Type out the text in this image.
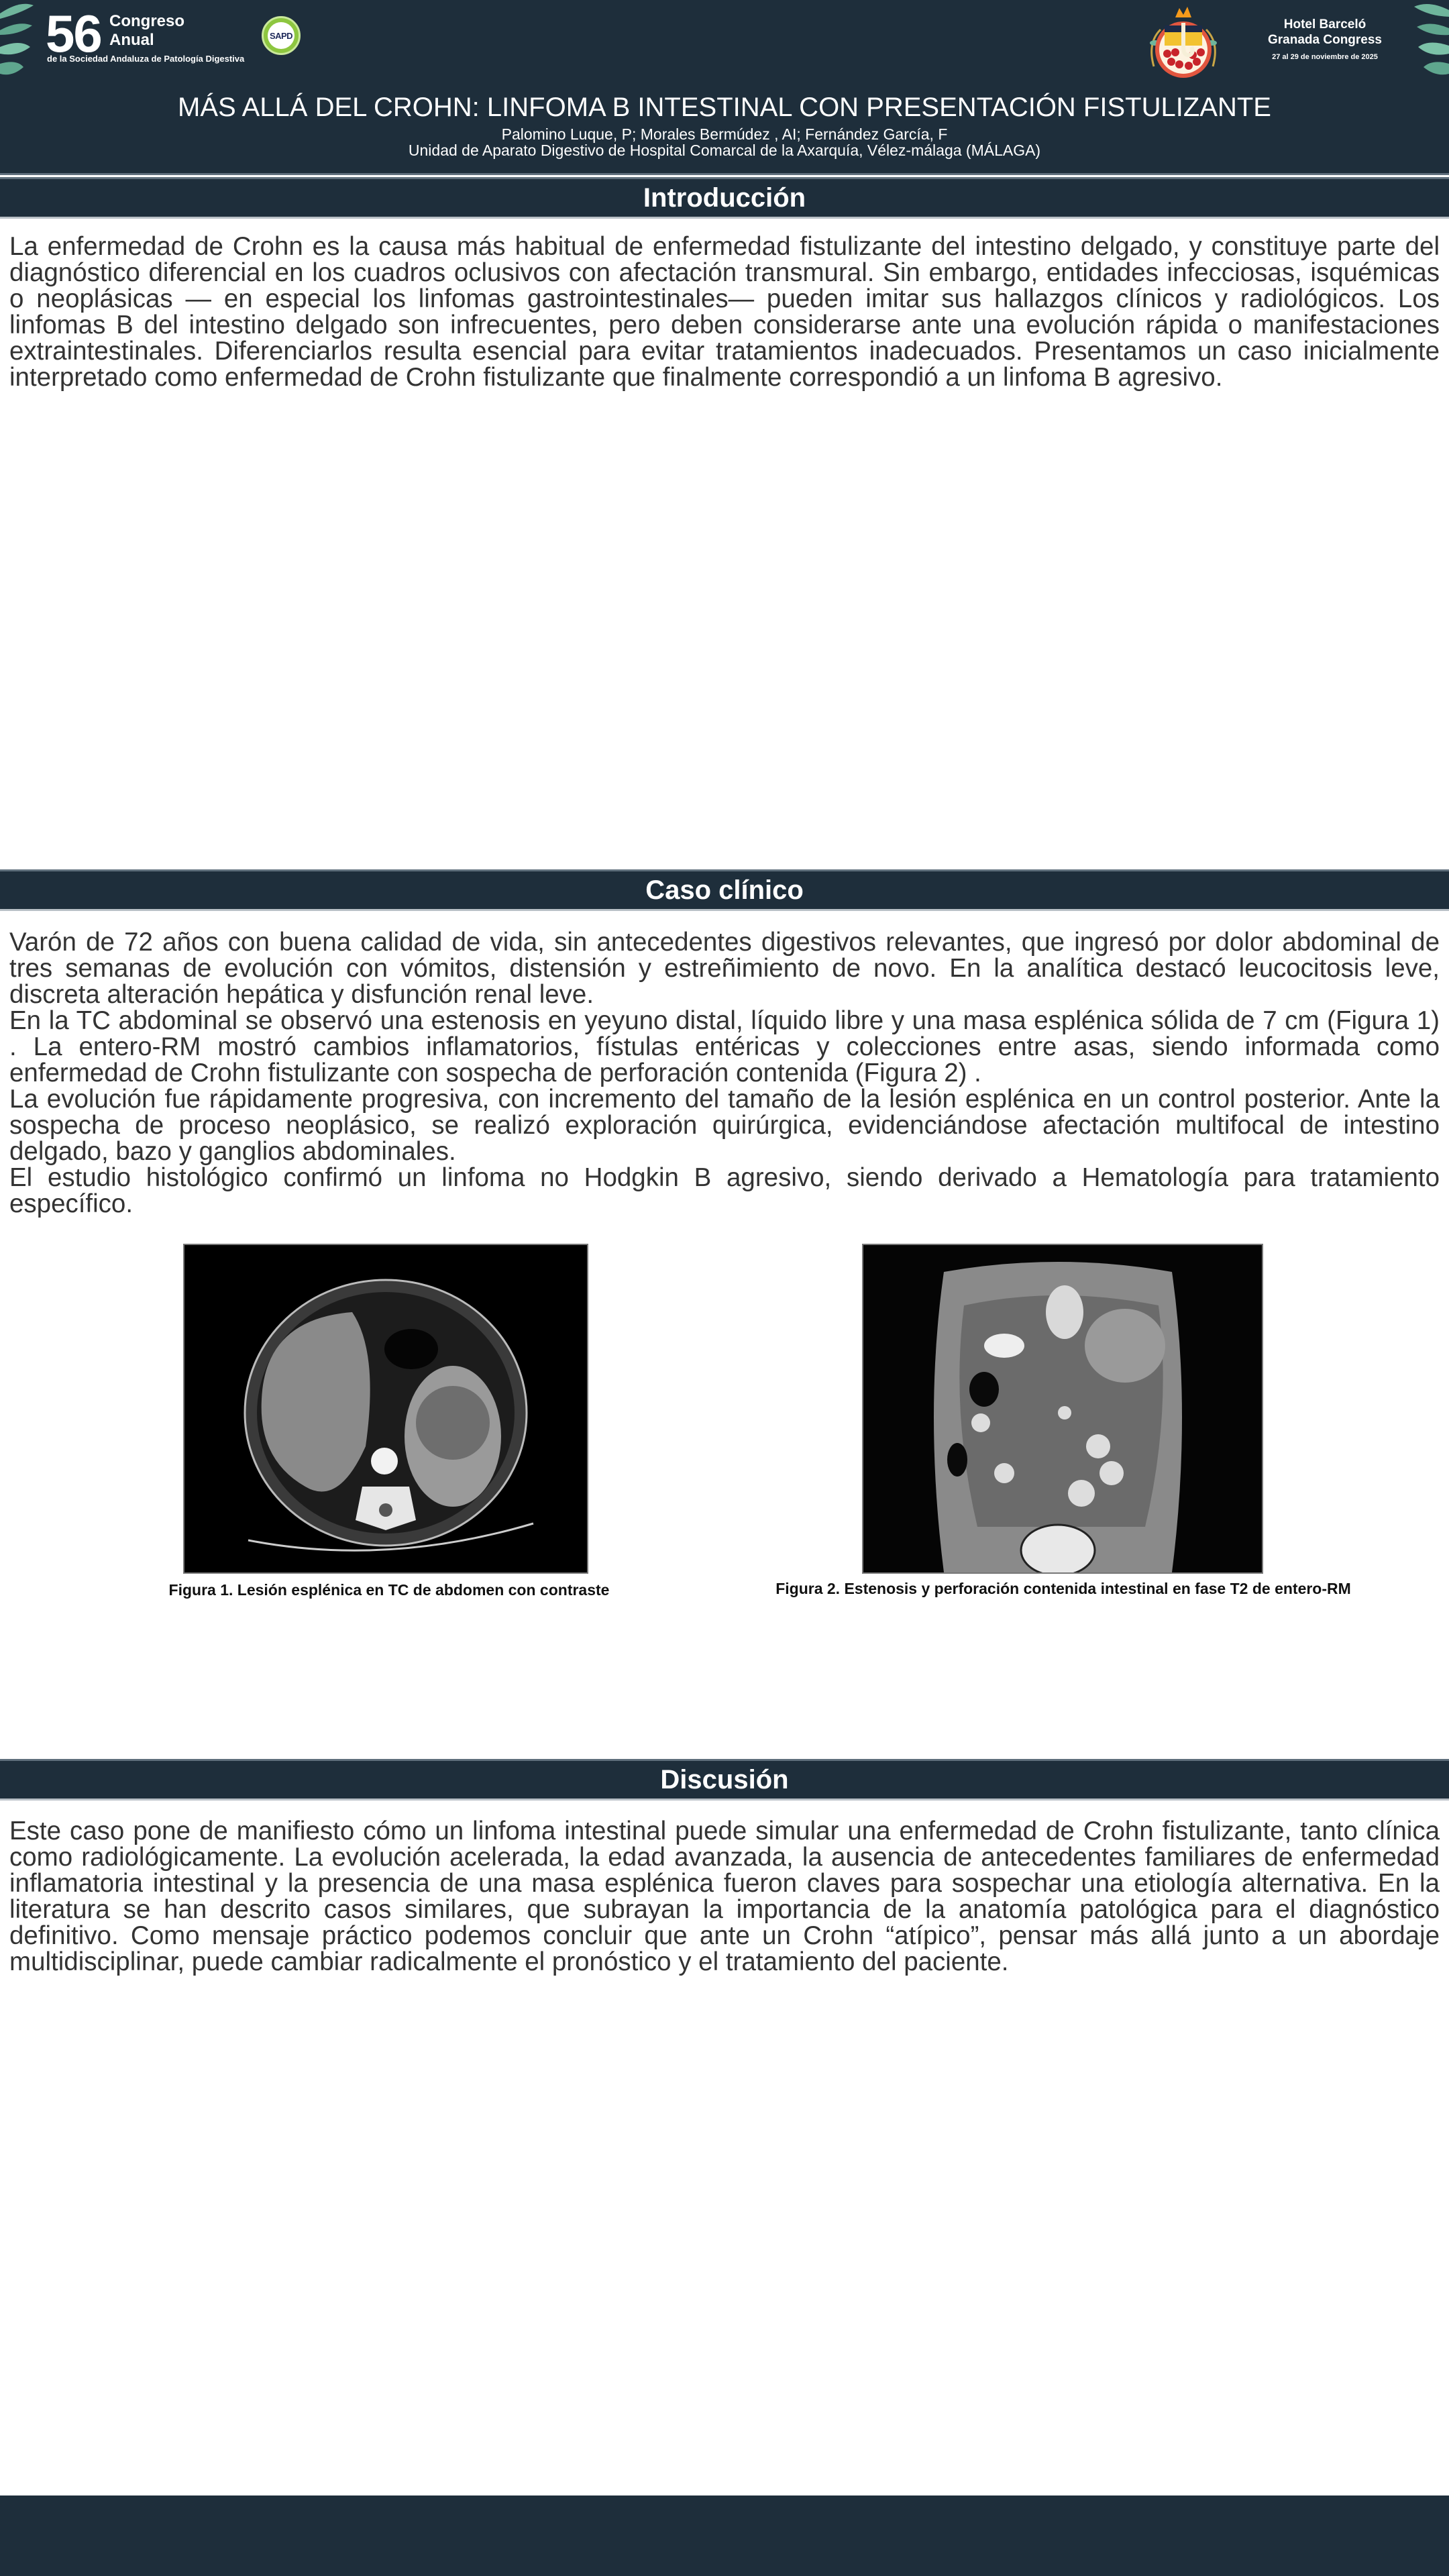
56 Congreso
Anual
de la Sociedad Andaluza de Patología Digestiva
SAPD
Hotel Barceló
Granada Congress
27 al 29 de noviembre de 2025
MÁS ALLÁ DEL CROHN: LINFOMA B INTESTINAL CON PRESENTACIÓN FISTULIZANTE
Palomino Luque, P; Morales Bermúdez , AI; Fernández García, F
Unidad de Aparato Digestivo de Hospital Comarcal de la Axarquía, Vélez-málaga (MÁLAGA)
Introducción

La enfermedad de Crohn es la causa más habitual de enfermedad fistulizante del intestino delgado, y constituye parte del diagnóstico diferencial en los cuadros oclusivos con afectación transmural. Sin embargo, entidades infecciosas, isquémicas o neoplásicas — en especial los linfomas gastrointestinales— pueden imitar sus hallazgos clínicos y radiológicos. Los linfomas B del intestino delgado son infrecuentes, pero deben considerarse ante una evolución rápida o manifestaciones extraintestinales. Diferenciarlos resulta esencial para evitar tratamientos inadecuados. Presentamos un caso inicialmente interpretado como enfermedad de Crohn fistulizante que finalmente correspondió a un linfoma B agresivo.

Caso clínico

Varón de 72 años con buena calidad de vida, sin antecedentes digestivos relevantes, que ingresó por dolor abdominal de tres semanas de evolución con vómitos, distensión y estreñimiento de novo. En la analítica destacó leucocitosis leve, discreta alteración hepática y disfunción renal leve.

En la TC abdominal se observó una estenosis en yeyuno distal, líquido libre y una masa esplénica sólida de 7 cm (Figura 1) . La entero-RM mostró cambios inflamatorios, fístulas entéricas y colecciones entre asas, siendo informada como enfermedad de Crohn fistulizante con sospecha de perforación contenida (Figura 2) .

La evolución fue rápidamente progresiva, con incremento del tamaño de la lesión esplénica en un control posterior. Ante la sospecha de proceso neoplásico, se realizó exploración quirúrgica, evidenciándose afectación multifocal de intestino delgado, bazo y ganglios abdominales.

El estudio histológico confirmó un linfoma no Hodgkin B agresivo, siendo derivado a Hematología para tratamiento específico.

Figura 1. Lesión esplénica en TC de abdomen con contraste	Figura 2. Estenosis y perforación contenida intestinal en fase T2 de entero-RM
Discusión

Este caso pone de manifiesto cómo un linfoma intestinal puede simular una enfermedad de Crohn fistulizante, tanto clínica como radiológicamente. La evolución acelerada, la edad avanzada, la ausencia de antecedentes familiares de enfermedad inflamatoria intestinal y la presencia de una masa esplénica fueron claves para sospechar una etiología alternativa. En la literatura se han descrito casos similares, que subrayan la importancia de la anatomía patológica para el diagnóstico definitivo. Como mensaje práctico podemos concluir que ante un Crohn “atípico”, pensar más allá junto a un abordaje multidisciplinar, puede cambiar radicalmente el pronóstico y el tratamiento del paciente.
